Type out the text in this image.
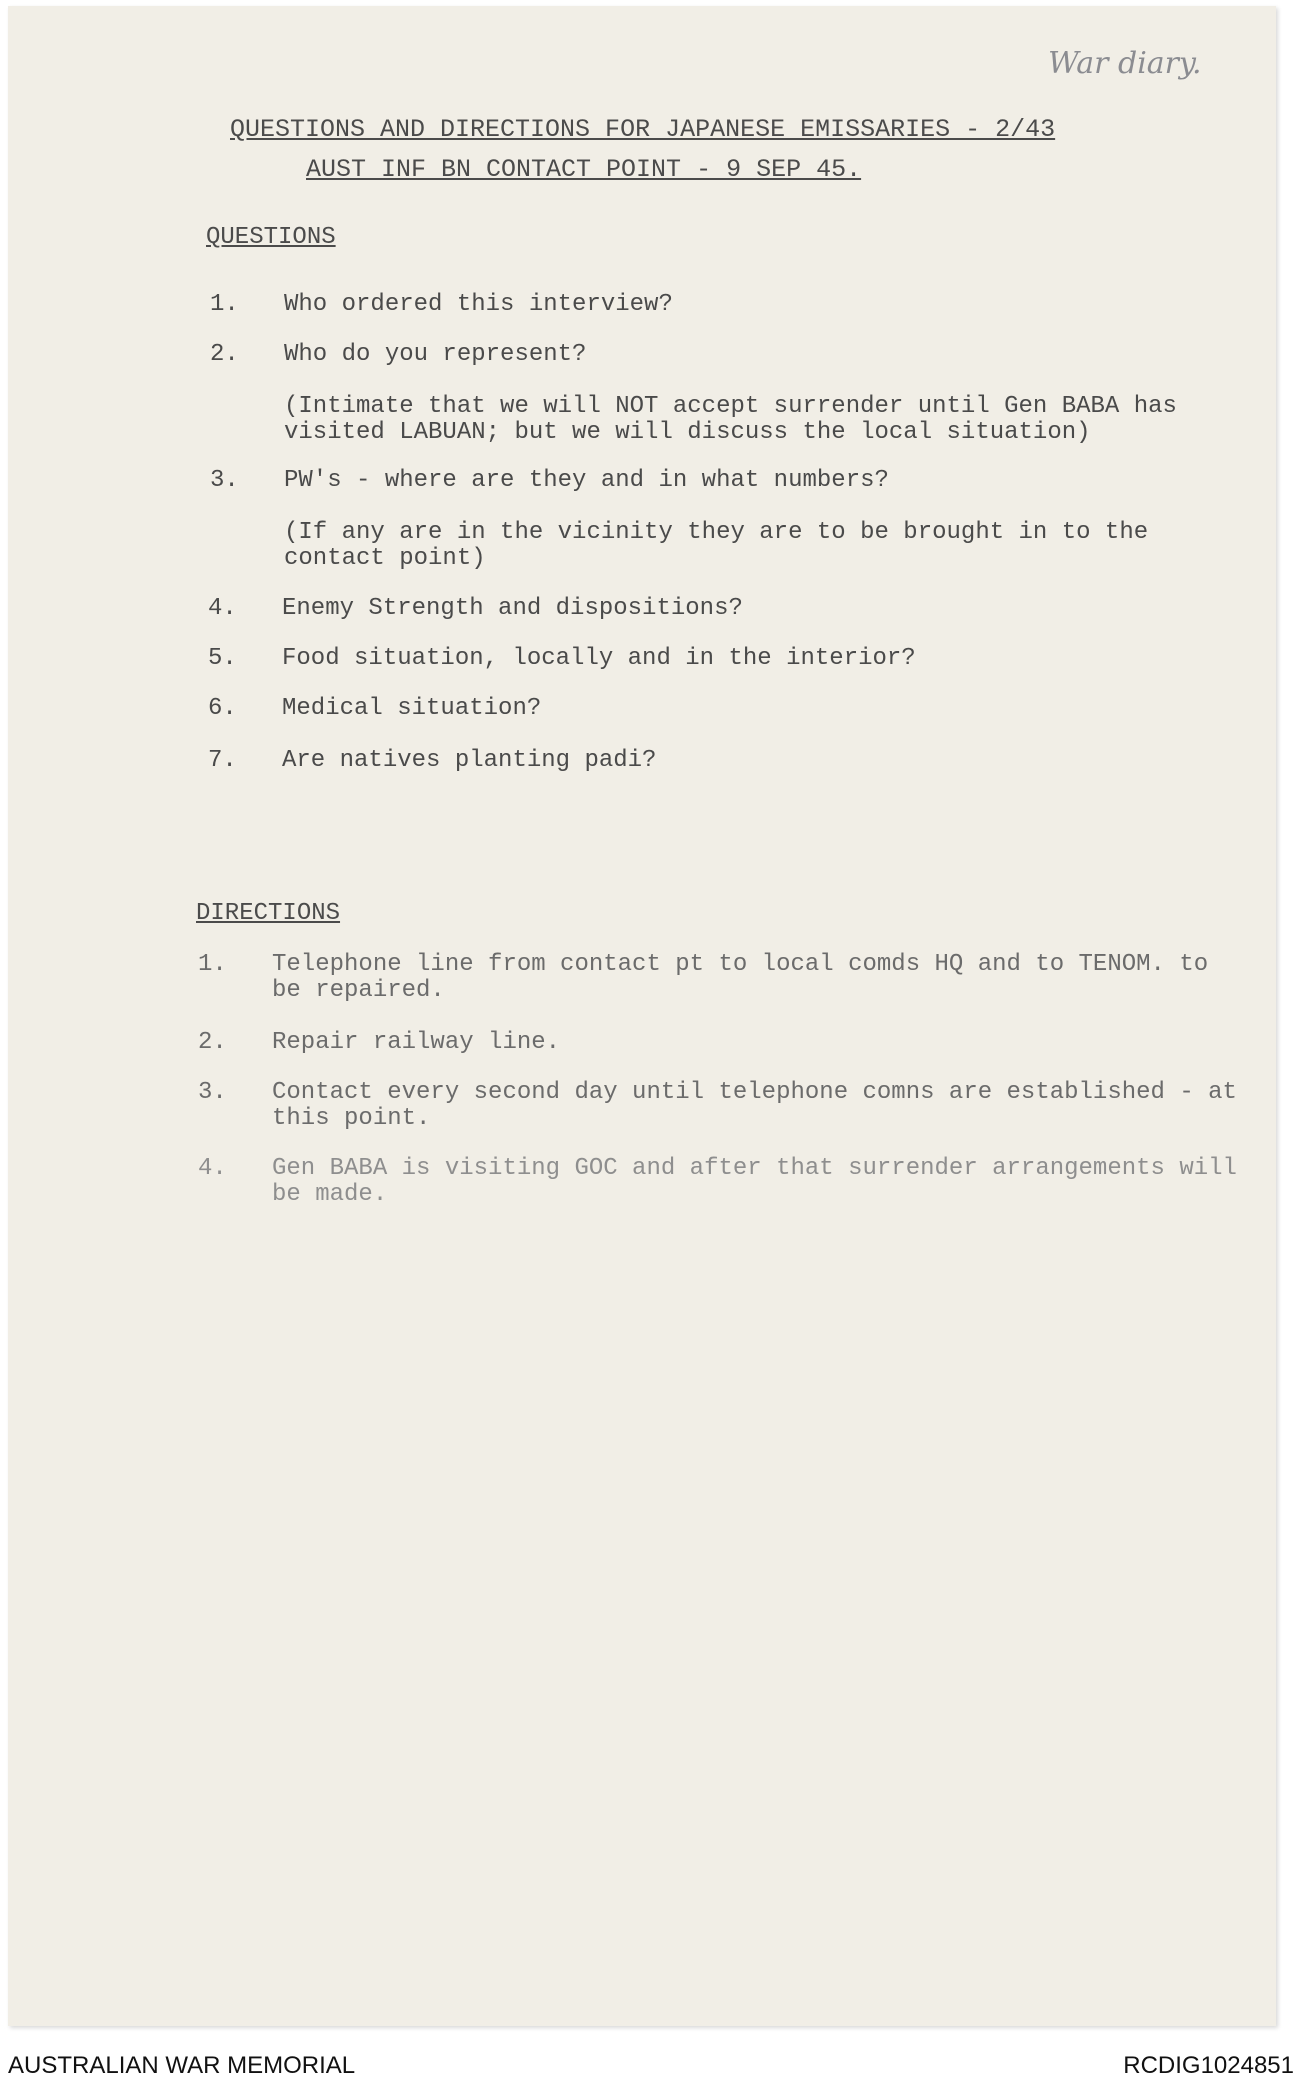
War diary.
QUESTIONS AND DIRECTIONS FOR JAPANESE EMISSARIES - 2/43
AUST INF BN CONTACT POINT - 9 SEP 45.
QUESTIONS
1.	Who ordered this interview?
2.	Who do you represent?
(Intimate that we will NOT accept surrender until Gen BABA has visited LABUAN; but we will discuss the local situation)
3.	PW's - where are they and in what numbers?
(If any are in the vicinity they are to be brought in to the contact point)
4.	Enemy Strength and dispositions?
5.	Food situation, locally and in the interior?
6.	Medical situation?
7.	Are natives planting padi?
DIRECTIONS
1.	Telephone line from contact pt to local comds HQ and to TENOM. to be repaired.
2.	Repair railway line.
3.	Contact every second day until telephone comns are established - at this point.
4.	Gen BABA is visiting GOC and after that surrender arrangements will be made.
AUSTRALIAN WAR MEMORIAL	RCDIG1024851
